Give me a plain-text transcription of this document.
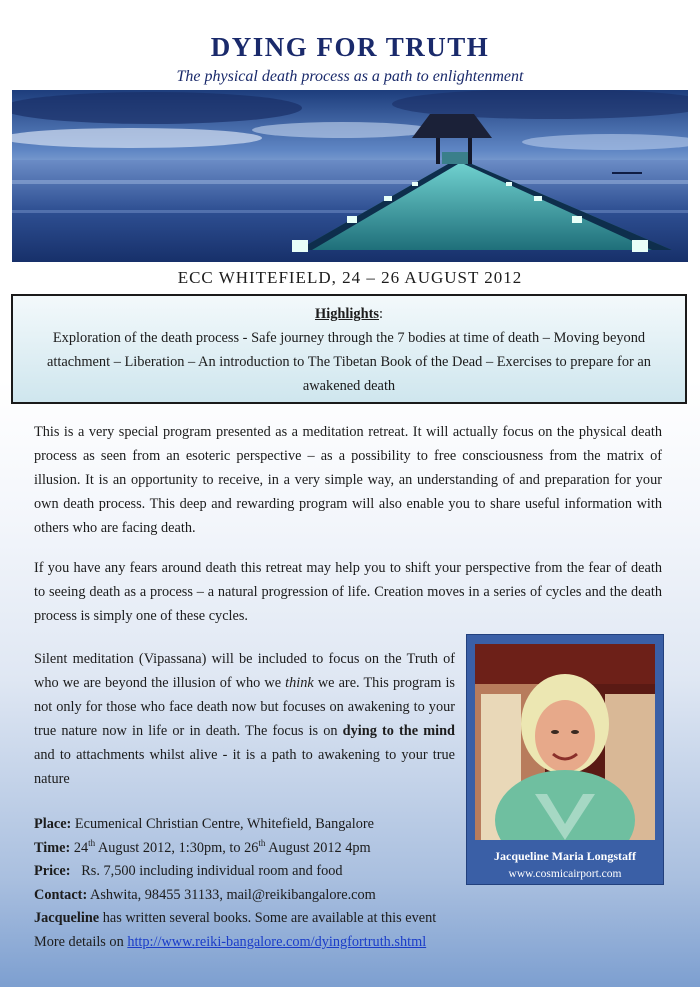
DYING FOR TRUTH
The physical death process as a path to enlightenment
ECC WHITEFIELD, 24 – 26 AUGUST 2012
Highlights:
Exploration of the death process - Safe journey through the 7 bodies at time of death – Moving beyond attachment – Liberation – An introduction to The Tibetan Book of the Dead – Exercises to prepare for an awakened death

This is a very special program presented as a meditation retreat. It will actually focus on the physical death process as seen from an esoteric perspective – as a possibility to free consciousness from the matrix of illusion. It is an opportunity to receive, in a very simple way, an understanding of and preparation for your own death process. This deep and rewarding program will also enable you to share useful information with others who are facing death.

If you have any fears around death this retreat may help you to shift your perspective from the fear of death to seeing death as a process – a natural progression of life. Creation moves in a series of cycles and the death process is simply one of these cycles.

Silent meditation (Vipassana) will be included to focus on the Truth of who we are beyond the illusion of who we think we are. This program is not only for those who face death now but focuses on awakening to your true nature now in life or in death. The focus is on dying to the mind and to attachments whilst alive - it is a path to awakening to your true nature

Jacqueline Maria Longstaff
www.cosmicairport.com
Place: Ecumenical Christian Centre, Whitefield, Bangalore
Time: 24th August 2012, 1:30pm, to 26th August 2012 4pm
Price:   Rs. 7,500 including individual room and food
Contact: Ashwita, 98455 31133, mail@reikibangalore.com
Jacqueline has written several books. Some are available at this event
More details on http://www.reiki-bangalore.com/dyingfortruth.shtml
